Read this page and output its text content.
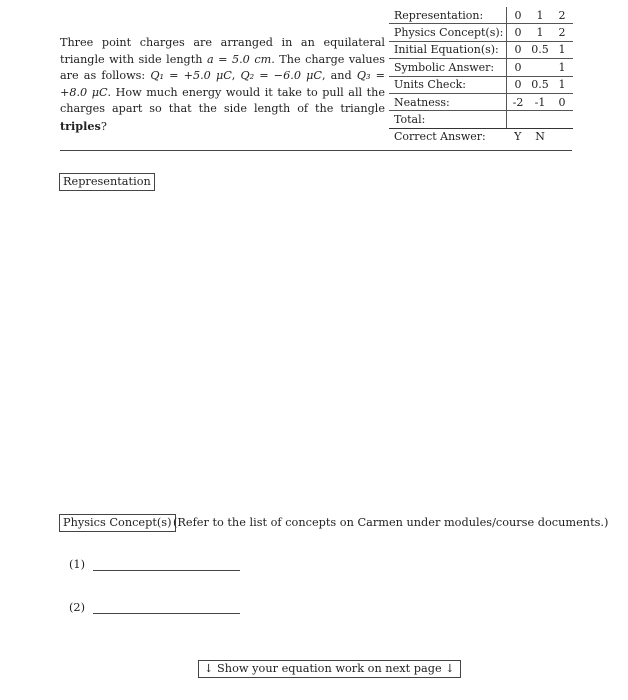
Three point charges are arranged in an equilateral triangle with side length a = 5.0 cm. The charge values are as follows: Q₁ = +5.0 μC, Q₂ = −6.0 μC, and Q₃ = +8.0 μC. How much energy would it take to pull all the charges apart so that the side length of the triangle triples?
Representation:	0	1	2
Physics Concept(s):	0	1	2
Initial Equation(s):	0	0.5	1
Symbolic Answer:	0		1
Units Check:	0	0.5	1
Neatness:	-2	-1	0
Total:			
Correct Answer:	Y	N	
Representation
Physics Concept(s) (Refer to the list of concepts on Carmen under modules/course documents.)
(1)
(2)
↓ Show your equation work on next page ↓
